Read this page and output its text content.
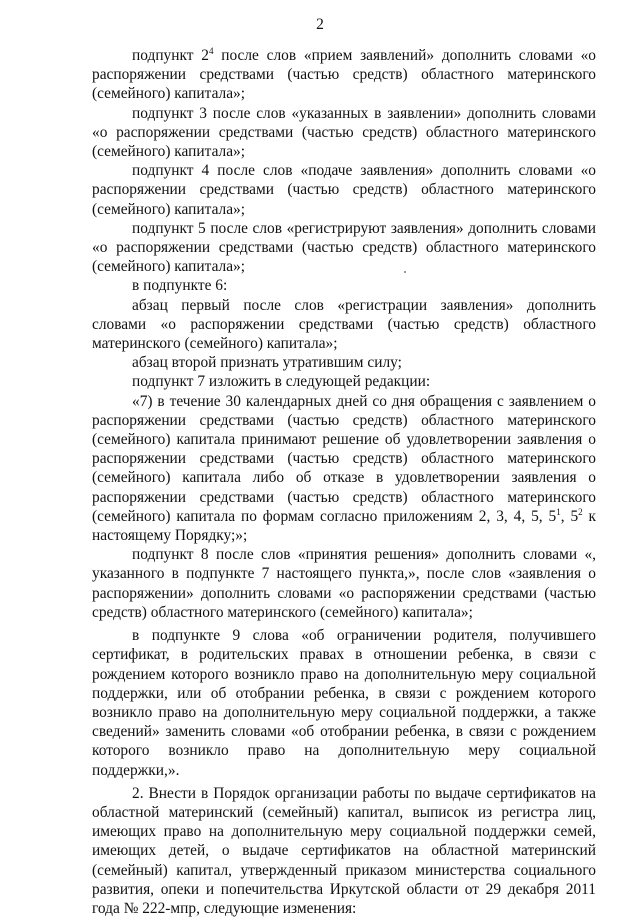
2

подпункт $2^4$ после слов «прием заявлений» дополнить словами «о распоряжении средствами (частью средств) областного материнского (семейного) капитала»;

подпункт 3 после слов «указанных в заявлении» дополнить словами «о распоряжении средствами (частью средств) областного материнского (семейного) капитала»;

подпункт 4 после слов «подаче заявления» дополнить словами «о распоряжении средствами (частью средств) областного материнского (семейного) капитала»;

подпункт 5 после слов «регистрируют заявления» дополнить словами «о распоряжении средствами (частью средств) областного материнского (семейного) капитала»;

в подпункте 6:

абзац первый после слов «регистрации заявления» дополнить словами «о распоряжении средствами (частью средств) областного материнского (семейного) капитала»;

абзац второй признать утратившим силу;

подпункт 7 изложить в следующей редакции:

«7) в течение 30 календарных дней со дня обращения с заявлением о распоряжении средствами (частью средств) областного материнского (семейного) капитала принимают решение об удовлетворении заявления о распоряжении средствами (частью средств) областного материнского (семейного) капитала либо об отказе в удовлетворении заявления о распоряжении средствами (частью средств) областного материнского (семейного) капитала по формам согласно приложениям 2, 3, 4, 5, $5^1$, $5^2$ к настоящему Порядку;»;

подпункт 8 после слов «принятия решения» дополнить словами «, указанного в подпункте 7 настоящего пункта,», после слов «заявления о распоряжении» дополнить словами «о распоряжении средствами (частью средств) областного материнского (семейного) капитала»;

в подпункте 9 слова «об ограничении родителя, получившего сертификат, в родительских правах в отношении ребенка, в связи с рождением которого возникло право на дополнительную меру социальной поддержки, или об отобрании ребенка, в связи с рождением которого возникло право на дополнительную меру социальной поддержки, а также сведений» заменить словами «об отобрании ребенка, в связи с рождением которого возникло право на дополнительную меру социальной поддержки,».

2. Внести в Порядок организации работы по выдаче сертификатов на областной материнский (семейный) капитал, выписок из регистра лиц, имеющих право на дополнительную меру социальной поддержки семей, имеющих детей, о выдаче сертификатов на областной материнский (семейный) капитал, утвержденный приказом министерства социального развития, опеки и попечительства Иркутской области от 29 декабря 2011 года № 222-мпр, следующие изменения:
